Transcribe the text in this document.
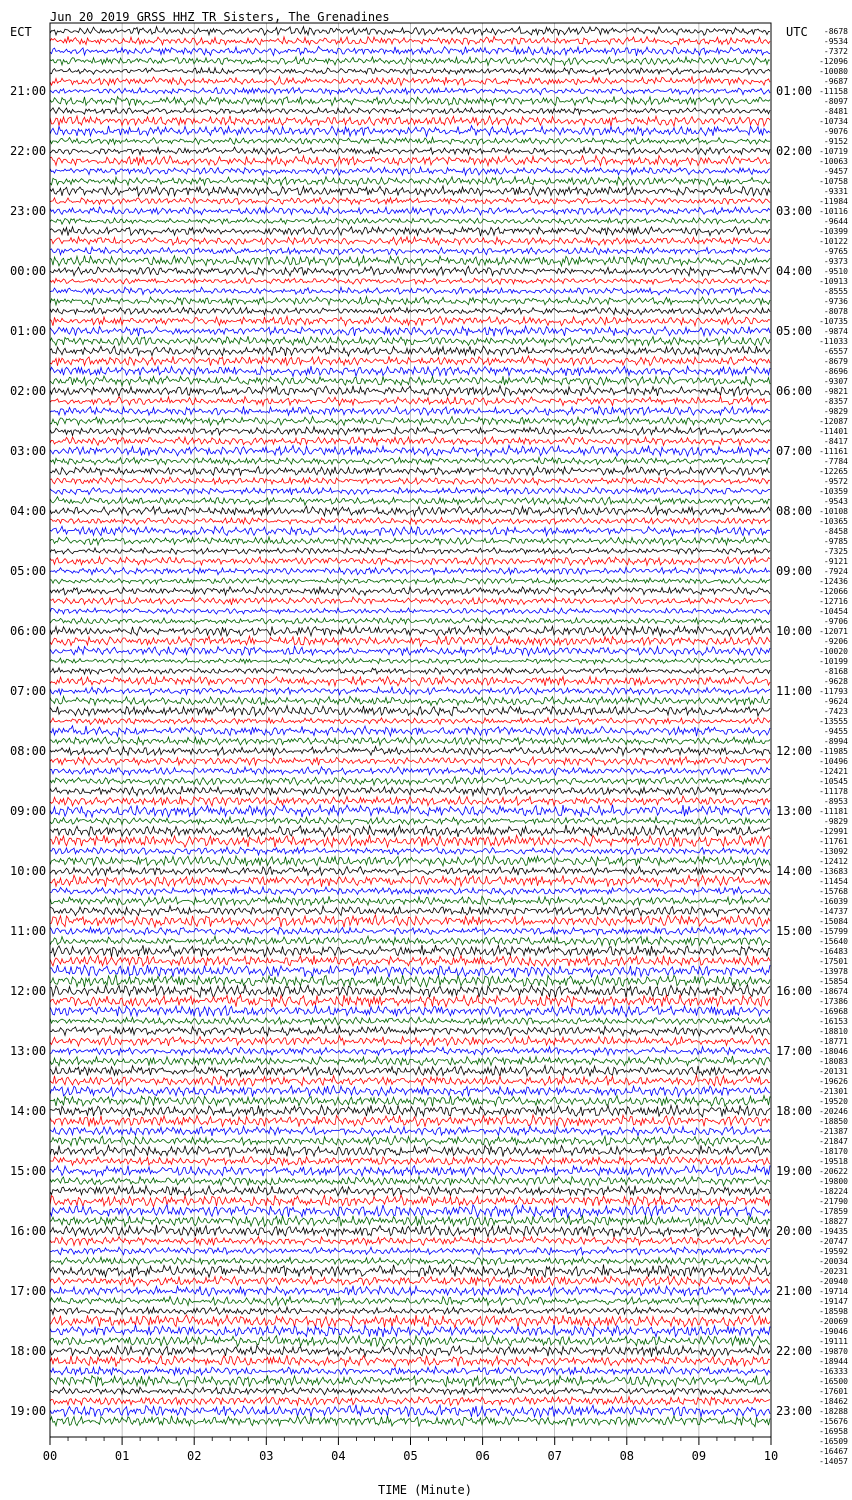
Jun 20 2019 GRSS HHZ TR Sisters, The Grenadines
ECT	UTC
21:00
22:00
23:00
00:00
01:00
02:00
03:00
04:00
05:00
06:00
07:00
08:00
09:00
10:00
11:00
12:00
13:00
14:00
15:00
16:00
17:00
18:00
19:00
01:00
02:00
03:00
04:00
05:00
06:00
07:00
08:00
09:00
10:00
11:00
12:00
13:00
14:00
15:00
16:00
17:00
18:00
19:00
20:00
21:00
22:00
23:00
-8678
-9534
-7372
-12096
-10080
-9687
-11158
-8097
-8481
-10734
-9076
-9152
-10719
-10063
-9457
-10758
-9331
-11984
-10116
-9644
-10399
-10122
-9765
-9373
-9510
-10913
-8555
-9736
-8078
-10735
-9874
-11033
-6557
-8679
-8696
-9307
-9821
-8357
-9829
-12087
-11401
-8417
-11161
-7784
-12265
-9572
-10359
-9543
-10108
-10365
-8458
-9785
-7325
-9121
-7924
-12436
-12066
-12716
-10454
-9706
-12071
-9206
-10020
-10199
-8168
-9628
-11793
-9624
-7423
-13555
-9455
-8994
-11985
-10496
-12421
-10545
-11178
-8953
-11181
-9829
-12991
-11761
-13092
-12412
-13683
-11454
-15768
-16039
-14737
-15084
-15799
-15640
-16483
-17501
-13978
-15854
-18674
-17386
-16968
-16153
-18810
-18771
-18046
-18083
-20131
-19626
-21301
-19520
-20246
-18850
-21387
-21847
-18170
-19518
-20622
-19800
-18224
-21790
-17859
-18827
-19435
-20747
-19592
-20034
-20231
-20940
-19714
-19147
-18598
-20069
-19046
-19111
-19870
-18944
-16333
-16500
-17601
-18462
-18288
-15676
-16958
-16509
-16467
-14057
00	01	02	03	04	05	06	07	08	09	10
TIME (Minute)
